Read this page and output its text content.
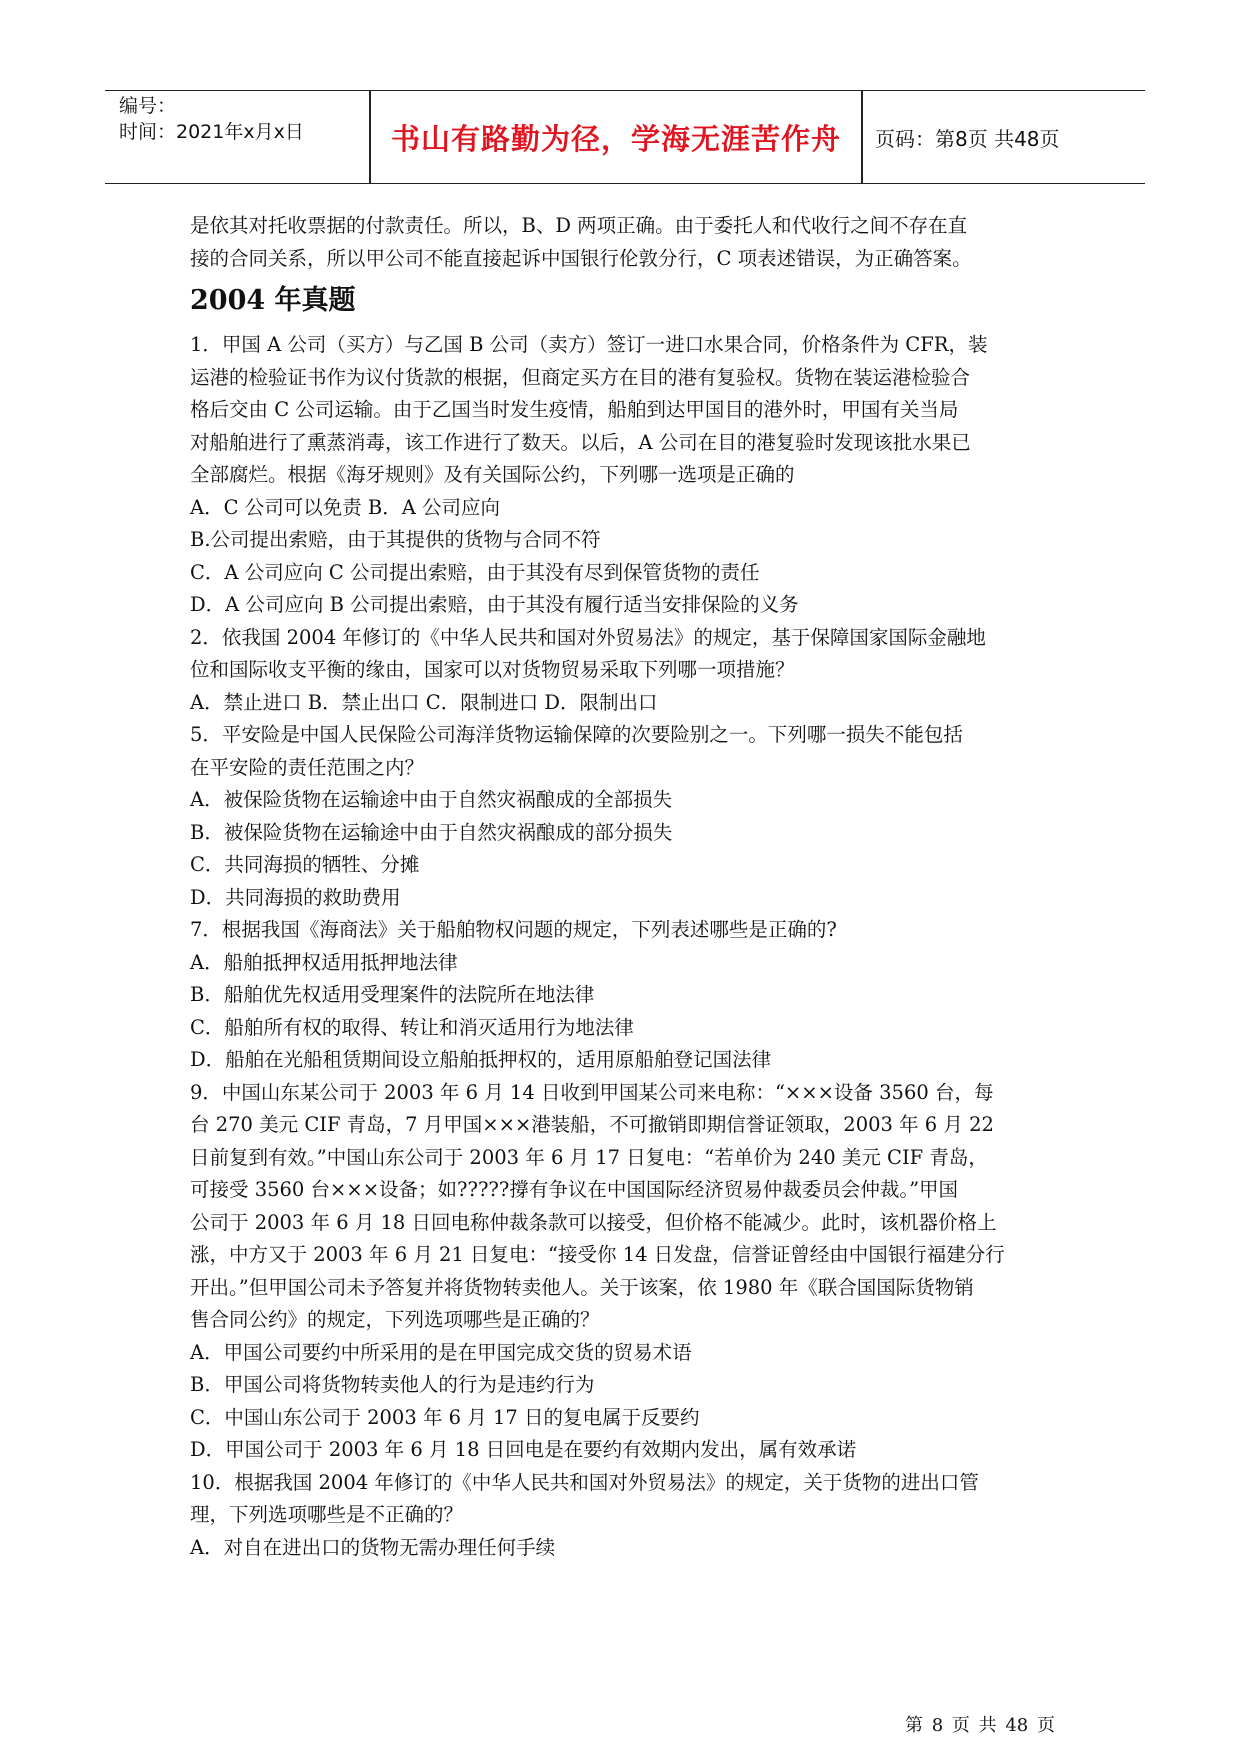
编号：
时间：2021年x月x日	书山有路勤为径，学海无涯苦作舟	页码：第8页 共48页
是依其对托收票据的付款责任。所以，B、D 两项正确。由于委托人和代收行之间不存在直
接的合同关系，所以甲公司不能直接起诉中国银行伦敦分行，C 项表述错误，为正确答案。
2004 年真题
1．甲国 A 公司（买方）与乙国 B 公司（卖方）签订一进口水果合同，价格条件为 CFR，装
运港的检验证书作为议付货款的根据，但商定买方在目的港有复验权。货物在装运港检验合
格后交由 C 公司运输。由于乙国当时发生疫情，船舶到达甲国目的港外时，甲国有关当局
对船舶进行了熏蒸消毒，该工作进行了数天。以后，A 公司在目的港复验时发现该批水果已
全部腐烂。根据《海牙规则》及有关国际公约，下列哪一选项是正确的
A．C 公司可以免责 B．A 公司应向
B.公司提出索赔，由于其提供的货物与合同不符
C．A 公司应向 C 公司提出索赔，由于其没有尽到保管货物的责任
D．A 公司应向 B 公司提出索赔，由于其没有履行适当安排保险的义务
2．依我国 2004 年修订的《中华人民共和国对外贸易法》的规定，基于保障国家国际金融地
位和国际收支平衡的缘由，国家可以对货物贸易采取下列哪一项措施？
A．禁止进口 B．禁止出口 C．限制进口 D．限制出口
5．平安险是中国人民保险公司海洋货物运输保障的次要险别之一。下列哪一损失不能包括
在平安险的责任范围之内？
A．被保险货物在运输途中由于自然灾祸酿成的全部损失
B．被保险货物在运输途中由于自然灾祸酿成的部分损失
C．共同海损的牺牲、分摊
D．共同海损的救助费用
7．根据我国《海商法》关于船舶物权问题的规定，下列表述哪些是正确的?
A．船舶抵押权适用抵押地法律
B．船舶优先权适用受理案件的法院所在地法律
C．船舶所有权的取得、转让和消灭适用行为地法律
D．船舶在光船租赁期间设立船舶抵押权的，适用原船舶登记国法律
9．中国山东某公司于 2003 年 6 月 14 日收到甲国某公司来电称：“×××设备 3560 台，每
台 270 美元 CIF 青岛，7 月甲国×××港装船，不可撤销即期信誉证领取，2003 年 6 月 22
日前复到有效。”中国山东公司于 2003 年 6 月 17 日复电：“若单价为 240 美元 CIF 青岛，
可接受 3560 台×××设备；如?????撐有争议在中国国际经济贸易仲裁委员会仲裁。”甲国
公司于 2003 年 6 月 18 日回电称仲裁条款可以接受，但价格不能减少。此时，该机器价格上
涨，中方又于 2003 年 6 月 21 日复电：“接受你 14 日发盘，信誉证曾经由中国银行福建分行
开出。”但甲国公司未予答复并将货物转卖他人。关于该案，依 1980 年《联合国国际货物销
售合同公约》的规定，下列选项哪些是正确的？
A．甲国公司要约中所采用的是在甲国完成交货的贸易术语
B．甲国公司将货物转卖他人的行为是违约行为
C．中国山东公司于 2003 年 6 月 17 日的复电属于反要约
D．甲国公司于 2003 年 6 月 18 日回电是在要约有效期内发出，属有效承诺
10．根据我国 2004 年修订的《中华人民共和国对外贸易法》的规定，关于货物的进出口管
理，下列选项哪些是不正确的？
A．对自在进出口的货物无需办理任何手续
第 8 页 共 48 页
